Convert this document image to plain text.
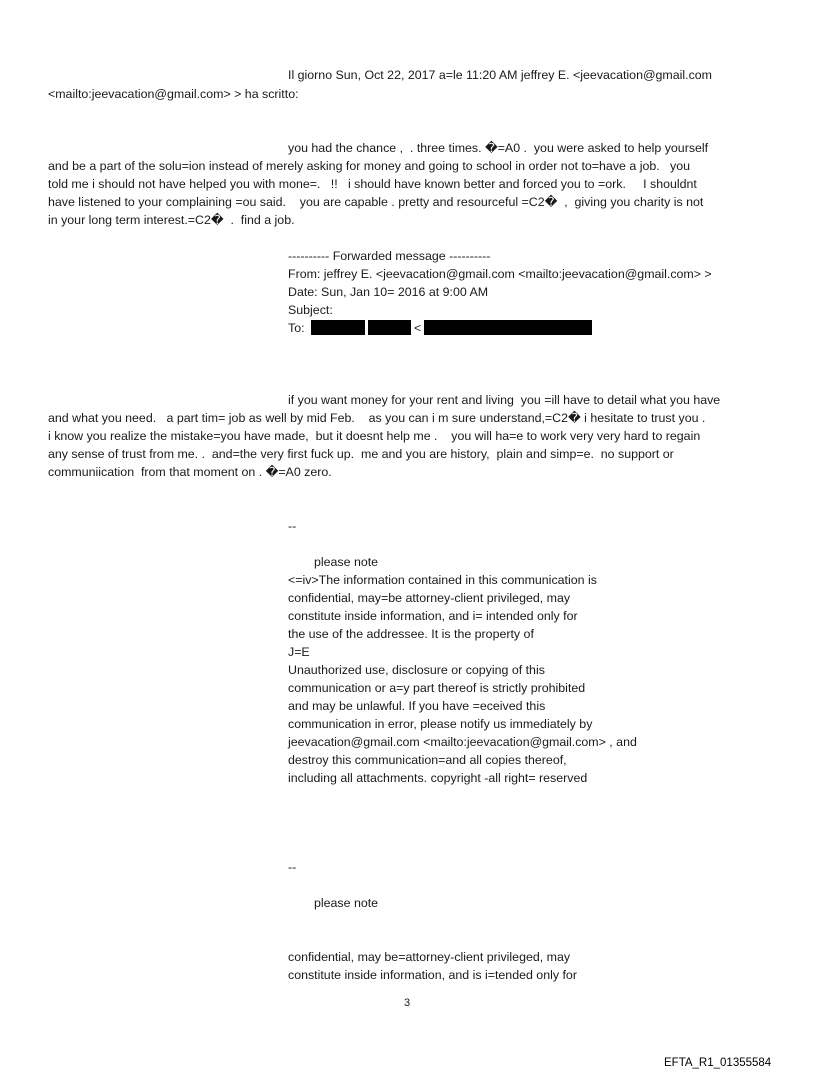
Il giorno Sun, Oct 22, 2017 a=le 11:20 AM jeffrey E. <jeevacation@gmail.com
<mailto:jeevacation@gmail.com> > ha scritto:
you had the chance ,  . three times. �=A0 .  you were asked to help yourself
and be a part of the solu=ion instead of merely asking for money and going to school in order not to=have a job.   you
told me i should not have helped you with mone=.   !!   i should have known better and forced you to =ork.     I shouldnt
have listened to your complaining =ou said.    you are capable . pretty and resourceful =C2�  ,  giving you charity is not
in your long term interest.=C2�  .  find a job.
---------- Forwarded message ----------
From: jeffrey E. <jeevacation@gmail.com <mailto:jeevacation@gmail.com> >
Date: Sun, Jan 10= 2016 at 9:00 AM
Subject:
To:	<
if you want money for your rent and living  you =ill have to detail what you have
and what you need.   a part tim= job as well by mid Feb.    as you can i m sure understand,=C2� i hesitate to trust you .
i know you realize the mistake=you have made,  but it doesnt help me .    you will ha=e to work very very hard to regain
any sense of trust from me. .  and=the very first fuck up.  me and you are history,  plain and simp=e.  no support or
communiication  from that moment on . �=A0 zero.
--
please note
<=iv>The information contained in this communication is
confidential, may=be attorney-client privileged, may
constitute inside information, and i= intended only for
the use of the addressee. It is the property of
J=E
Unauthorized use, disclosure or copying of this
communication or a=y part thereof is strictly prohibited
and may be unlawful. If you have =eceived this
communication in error, please notify us immediately by
jeevacation@gmail.com <mailto:jeevacation@gmail.com> , and
destroy this communication=and all copies thereof,
including all attachments. copyright -all right= reserved
--
please note
confidential, may be=attorney-client privileged, may
constitute inside information, and is i=tended only for
3
EFTA_R1_01355584
